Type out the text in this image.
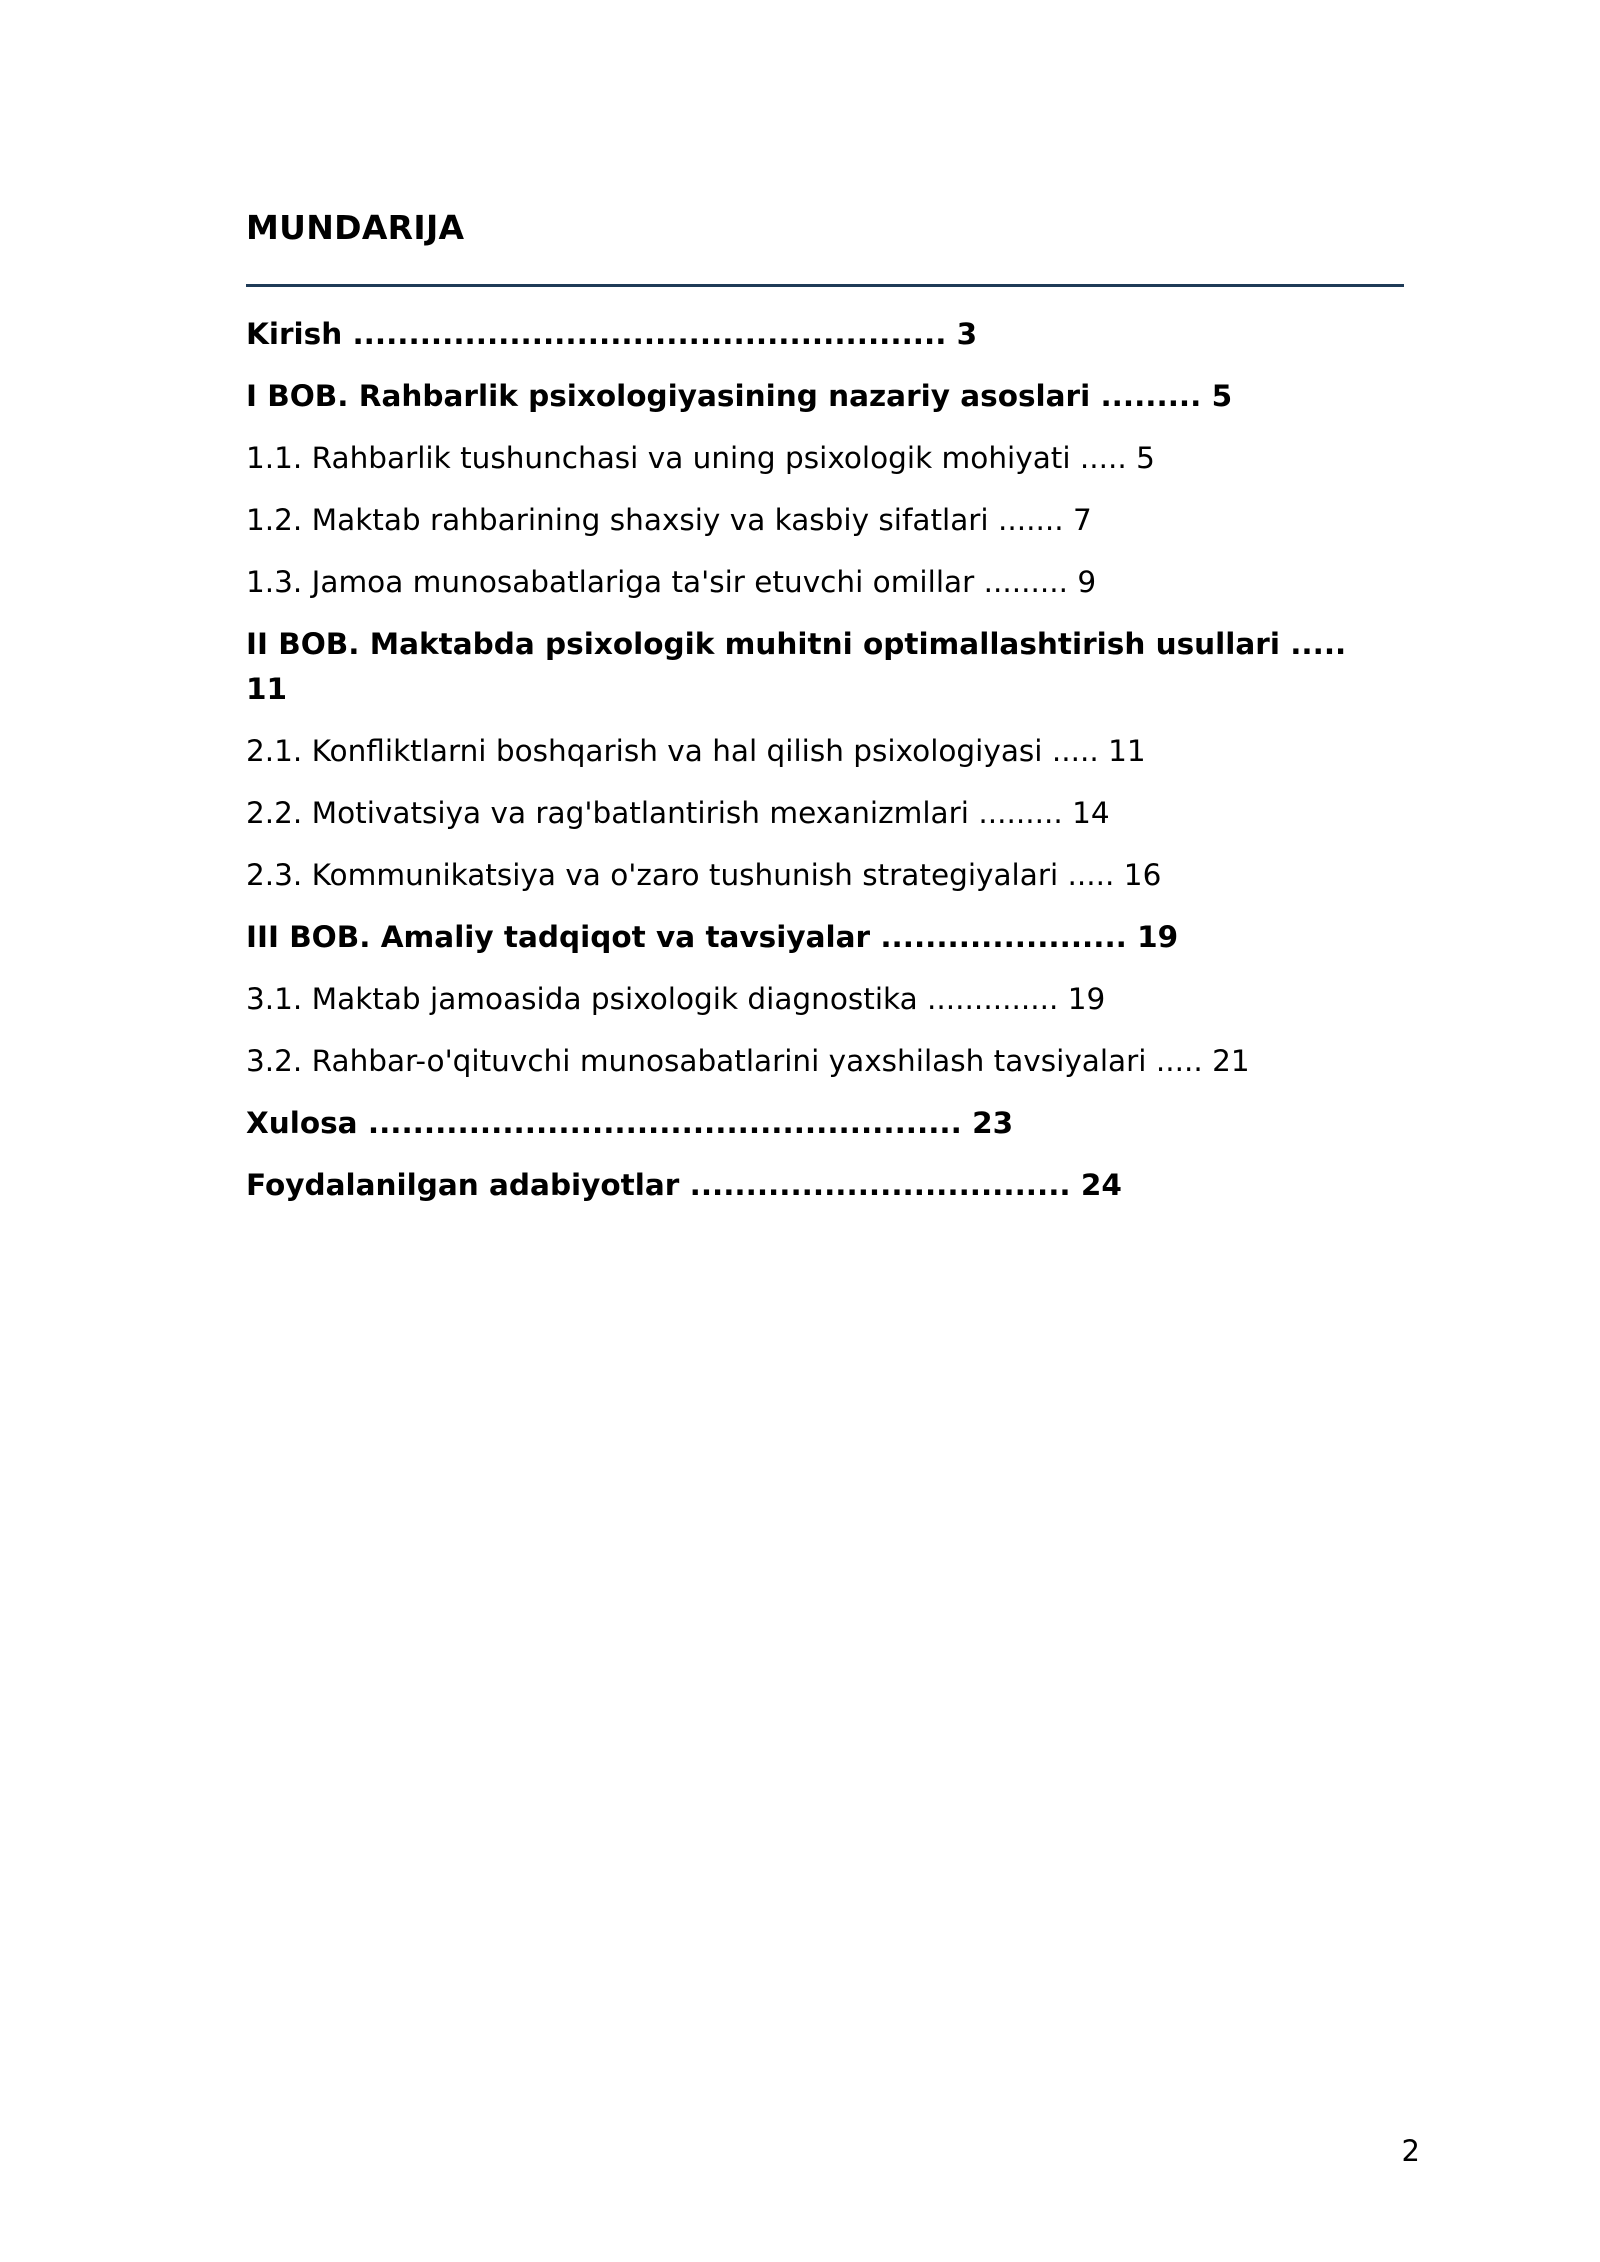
MUNDARIJA
Kirish ..................................................... 3
I BOB. Rahbarlik psixologiyasining nazariy asoslari ......... 5
1.1. Rahbarlik tushunchasi va uning psixologik mohiyati ..... 5
1.2. Maktab rahbarining shaxsiy va kasbiy sifatlari ....... 7
1.3. Jamoa munosabatlariga ta'sir etuvchi omillar ......... 9
II BOB. Maktabda psixologik muhitni optimallashtirish usullari ..... 11
2.1. Konfliktlarni boshqarish va hal qilish psixologiyasi ..... 11
2.2. Motivatsiya va rag'batlantirish mexanizmlari ......... 14
2.3. Kommunikatsiya va o'zaro tushunish strategiyalari ..... 16
III BOB. Amaliy tadqiqot va tavsiyalar ...................... 19
3.1. Maktab jamoasida psixologik diagnostika .............. 19
3.2. Rahbar-o'qituvchi munosabatlarini yaxshilash tavsiyalari ..... 21
Xulosa ..................................................... 23
Foydalanilgan adabiyotlar .................................. 24
2
